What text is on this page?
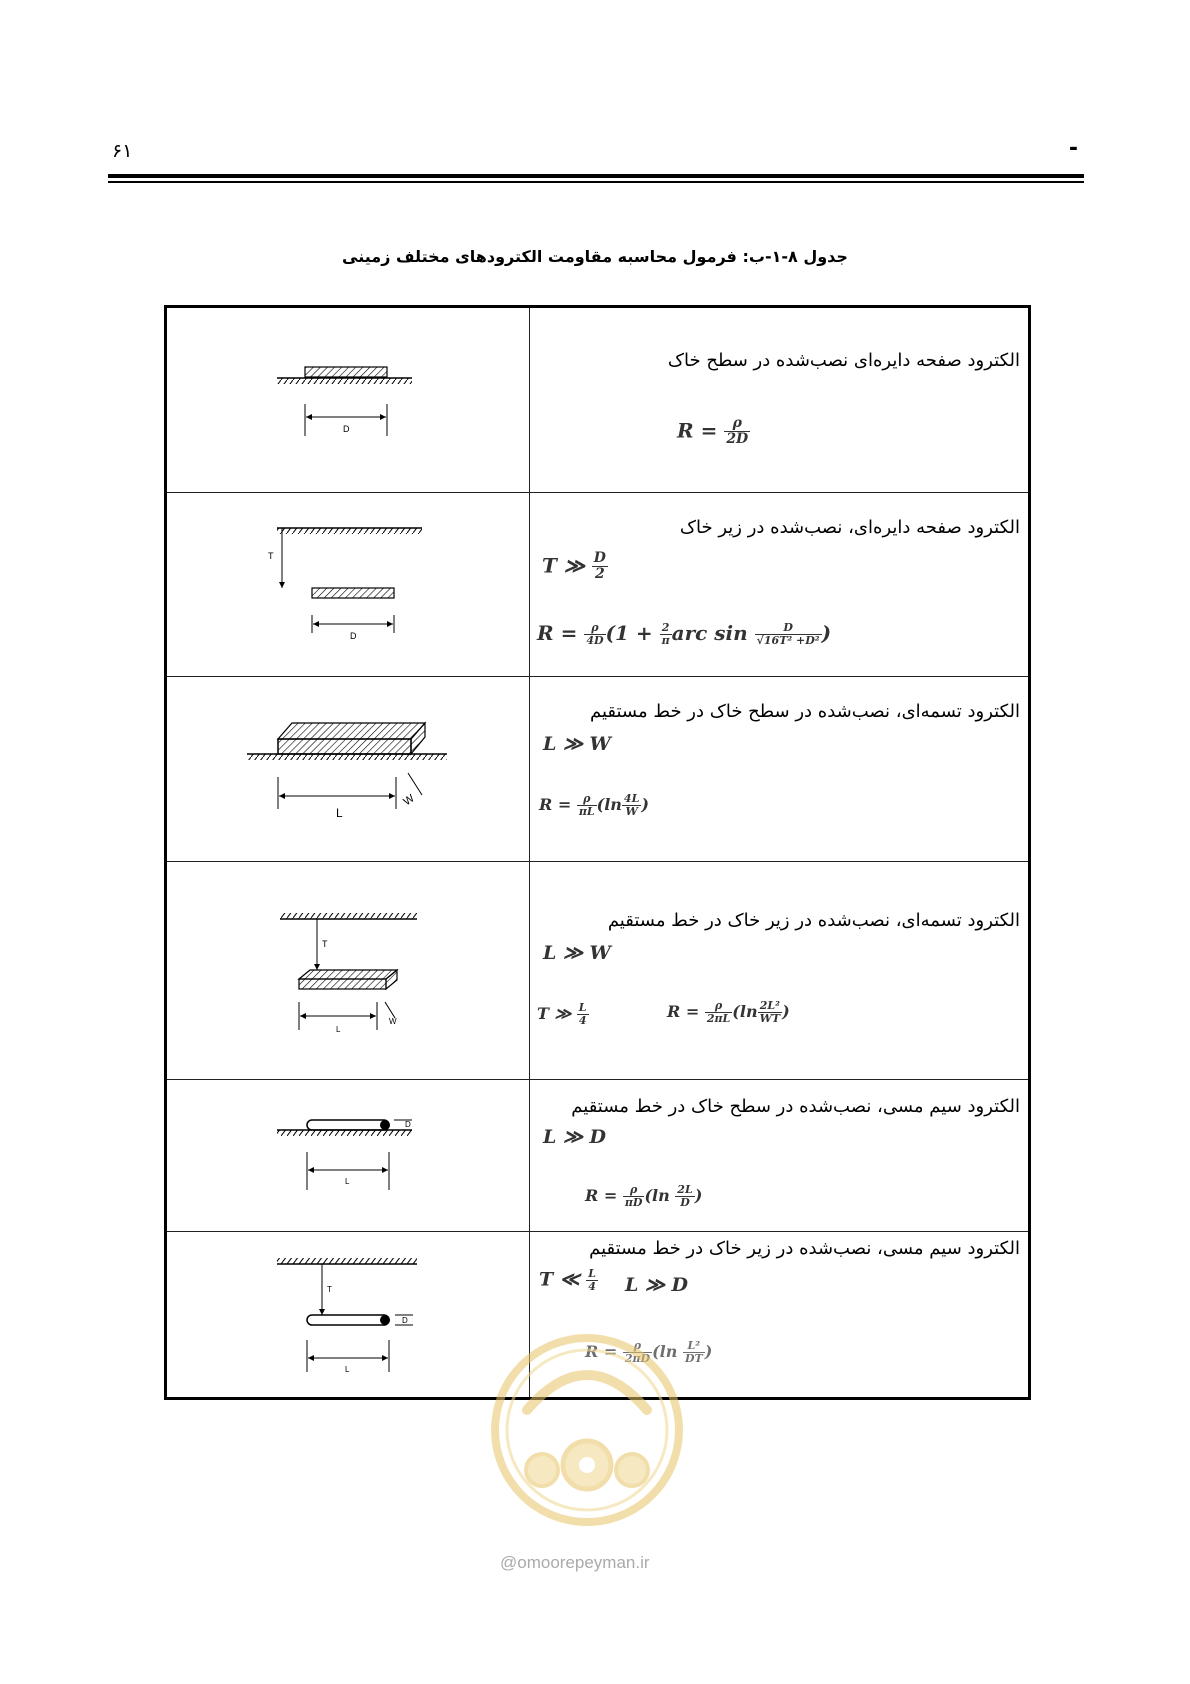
۶۱	-
جدول ۸-۱-ب: فرمول محاسبه مقاومت الکترودهای مختلف زمینی
D
الکترود صفحه دایره‌ای نصب‌شده در سطح خاک
$R = \frac{\rho}{2D}$
T
D
الکترود صفحه دایره‌ای، نصب‌شده در زیر خاک
T ≫ $\frac{D}{2}$
$R = \frac{\rho}{4D} (1 + \frac{2}{\pi}$ arc $\sin \frac{D}{\text{√16T² +D²}}$ )
L
W
الکترود تسمه‌ای، نصب‌شده در سطح خاک در خط مستقیم
L ≫ W
$R = \frac{\rho}{\pi L} (\ln \frac{4L}{W}$ )
T
L
W
الکترود تسمه‌ای، نصب‌شده در زیر خاک در خط مستقیم
L ≫ W
T ≫ $\frac{L}{4}$	$R = \frac{\rho}{2\pi L} (\ln \frac{\text{2L²}}{WT}$ )
D
L
الکترود سیم مسی، نصب‌شده در سطح خاک در خط مستقیم
L ≫ D
$R = \frac{\rho}{\pi D} (\ln \frac{2L}{D}$ )
T
D
L
الکترود سیم مسی، نصب‌شده در زیر خاک در خط مستقیم
T ≪ $\frac{L}{4}$ L ≫ D
$R = \frac{\rho}{2\pi D} (\ln \frac{\text{L²}}{DT}$ )
@omoorepeyman.ir
